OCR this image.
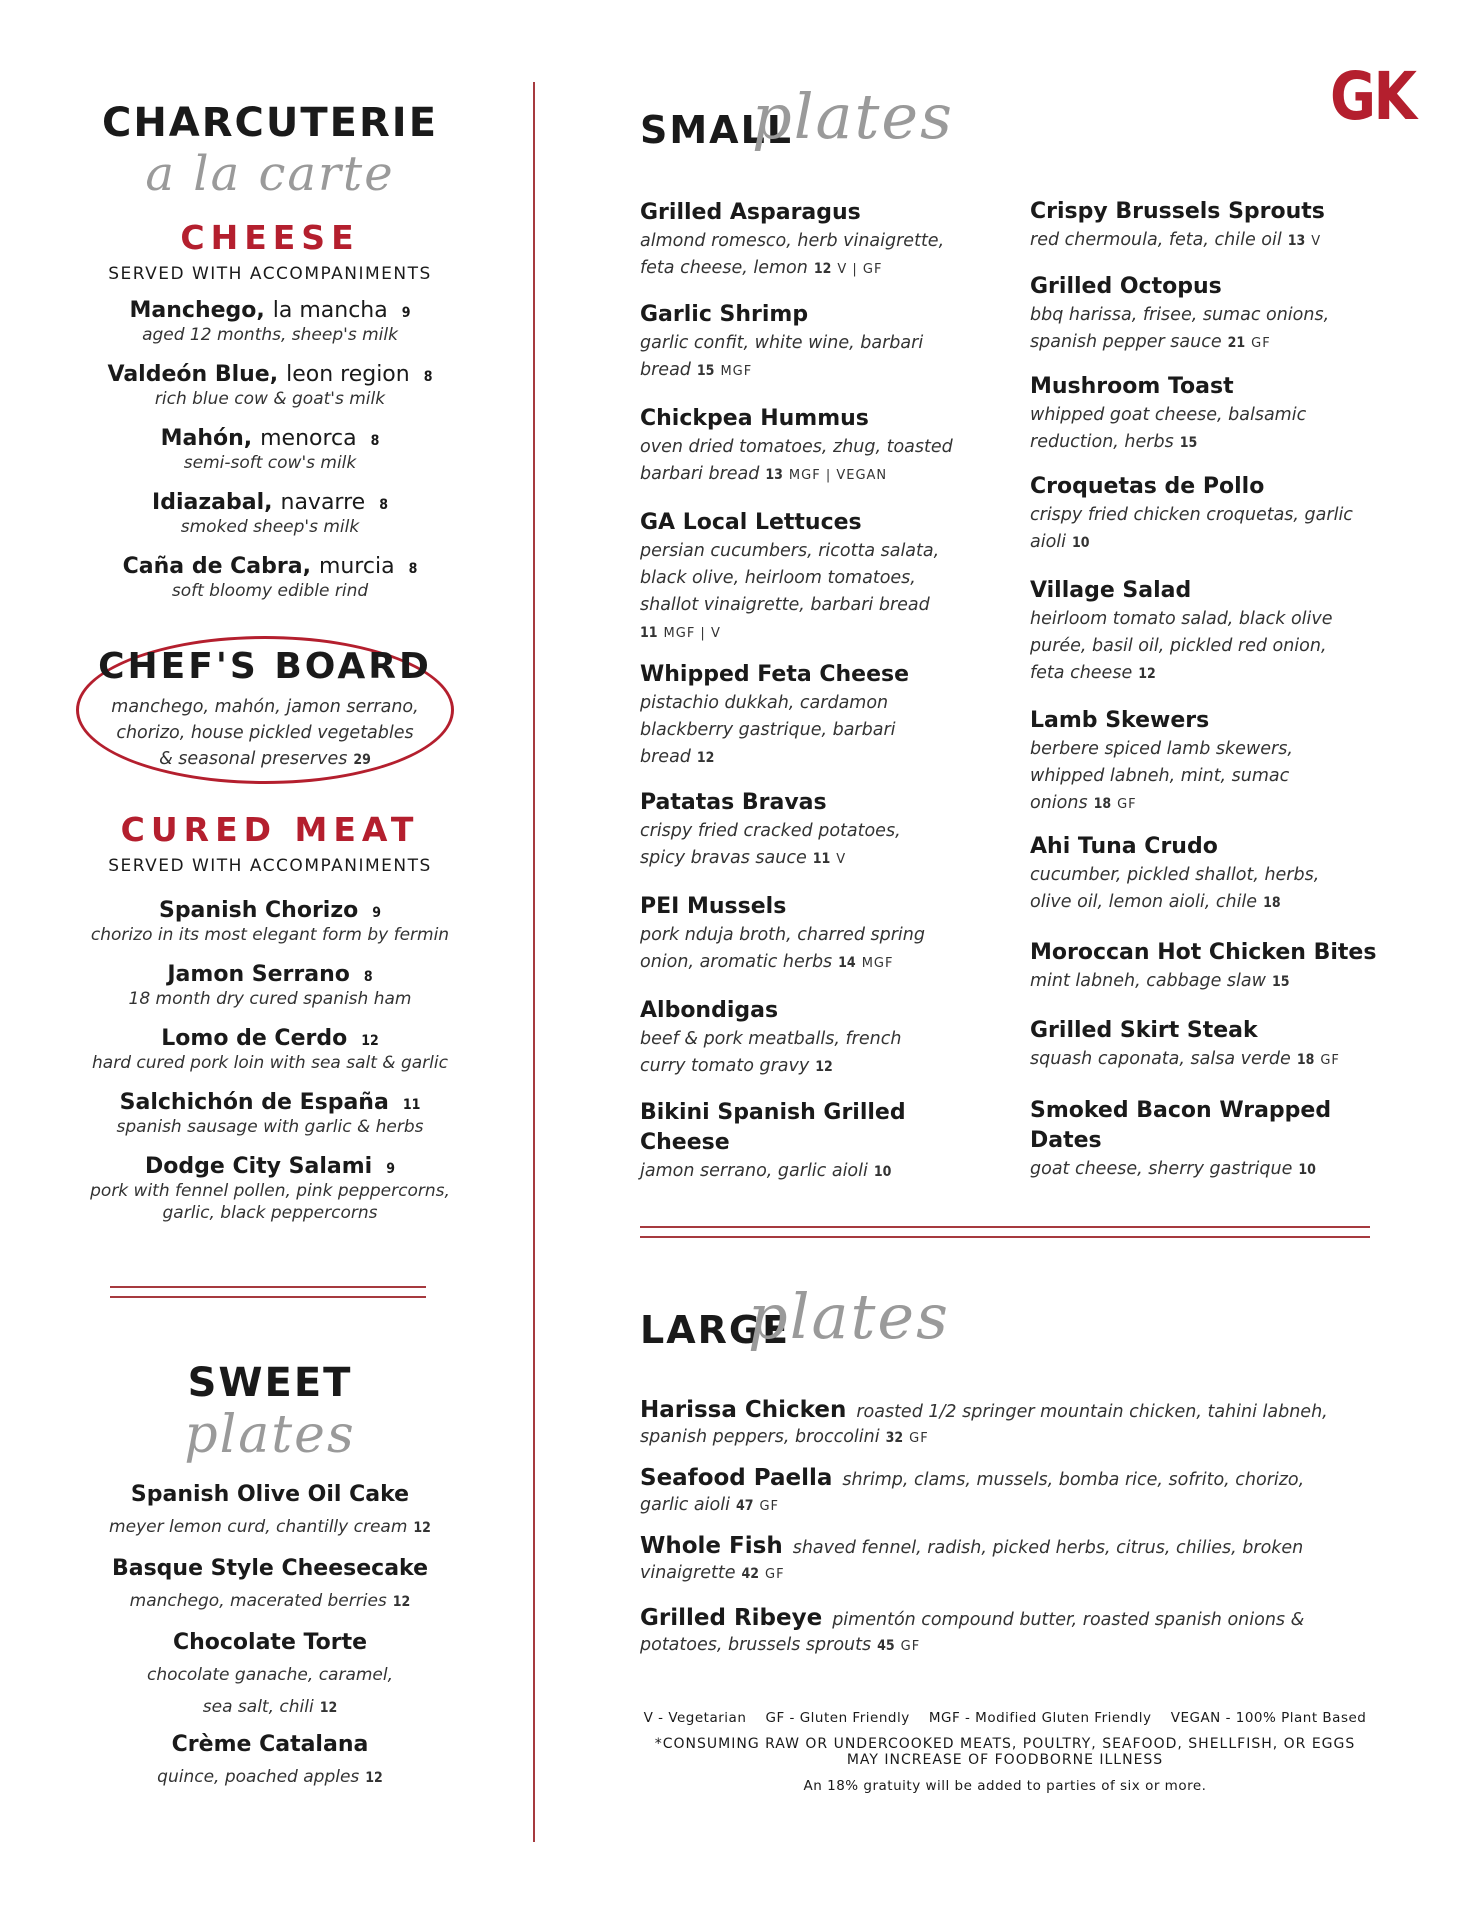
GK
CHARCUTERIE
a la carte
CHEESE
SERVED WITH ACCOMPANIMENTS
Manchego, la mancha 9
aged 12 months, sheep's milk
Valdeón Blue, leon region 8
rich blue cow & goat's milk
Mahón, menorca 8
semi-soft cow's milk
Idiazabal, navarre 8
smoked sheep's milk
Caña de Cabra, murcia 8
soft bloomy edible rind
CHEF'S BOARD
manchego, mahón, jamon serrano,
chorizo, house pickled vegetables
& seasonal preserves 29
CURED MEAT
SERVED WITH ACCOMPANIMENTS
Spanish Chorizo 9
chorizo in its most elegant form by fermin
Jamon Serrano 8
18 month dry cured spanish ham
Lomo de Cerdo 12
hard cured pork loin with sea salt & garlic
Salchichón de España 11
spanish sausage with garlic & herbs
Dodge City Salami 9
pork with fennel pollen, pink peppercorns,
garlic, black peppercorns
SWEET
plates
Spanish Olive Oil Cake
meyer lemon curd, chantilly cream 12
Basque Style Cheesecake
manchego, macerated berries 12
Chocolate Torte
chocolate ganache, caramel,
sea salt, chili 12
Crème Catalana
quince, poached apples 12
SMALL
plates
Grilled Asparagus
almond romesco, herb vinaigrette,
feta cheese, lemon 12 V | GF
Garlic Shrimp
garlic confit, white wine, barbari
bread 15 MGF
Chickpea Hummus
oven dried tomatoes, zhug, toasted
barbari bread 13 MGF | VEGAN
GA Local Lettuces
persian cucumbers, ricotta salata,
black olive, heirloom tomatoes,
shallot vinaigrette, barbari bread
11 MGF | V
Whipped Feta Cheese
pistachio dukkah, cardamon
blackberry gastrique, barbari
bread 12
Patatas Bravas
crispy fried cracked potatoes,
spicy bravas sauce 11 V
PEI Mussels
pork nduja broth, charred spring
onion, aromatic herbs 14 MGF
Albondigas
beef & pork meatballs, french
curry tomato gravy 12
Bikini Spanish Grilled Cheese
jamon serrano, garlic aioli 10
Crispy Brussels Sprouts
red chermoula, feta, chile oil 13 V
Grilled Octopus
bbq harissa, frisee, sumac onions,
spanish pepper sauce 21 GF
Mushroom Toast
whipped goat cheese, balsamic
reduction, herbs 15
Croquetas de Pollo
crispy fried chicken croquetas, garlic
aioli 10
Village Salad
heirloom tomato salad, black olive
purée, basil oil, pickled red onion,
feta cheese 12
Lamb Skewers
berbere spiced lamb skewers,
whipped labneh, mint, sumac
onions 18 GF
Ahi Tuna Crudo
cucumber, pickled shallot, herbs,
olive oil, lemon aioli, chile 18
Moroccan Hot Chicken Bites
mint labneh, cabbage slaw 15
Grilled Skirt Steak
squash caponata, salsa verde 18 GF
Smoked Bacon Wrapped Dates
goat cheese, sherry gastrique 10
LARGE
plates
Harissa Chicken roasted 1/2 springer mountain chicken, tahini labneh,
spanish peppers, broccolini 32 GF
Seafood Paella shrimp, clams, mussels, bomba rice, sofrito, chorizo,
garlic aioli 47 GF
Whole Fish shaved fennel, radish, picked herbs, citrus, chilies, broken
vinaigrette 42 GF
Grilled Ribeye pimentón compound butter, roasted spanish onions &
potatoes, brussels sprouts 45 GF
V - Vegetarian    GF - Gluten Friendly    MGF - Modified Gluten Friendly    VEGAN - 100% Plant Based
*CONSUMING RAW OR UNDERCOOKED MEATS, POULTRY, SEAFOOD, SHELLFISH, OR EGGS
MAY INCREASE OF FOODBORNE ILLNESS
An 18% gratuity will be added to parties of six or more.
